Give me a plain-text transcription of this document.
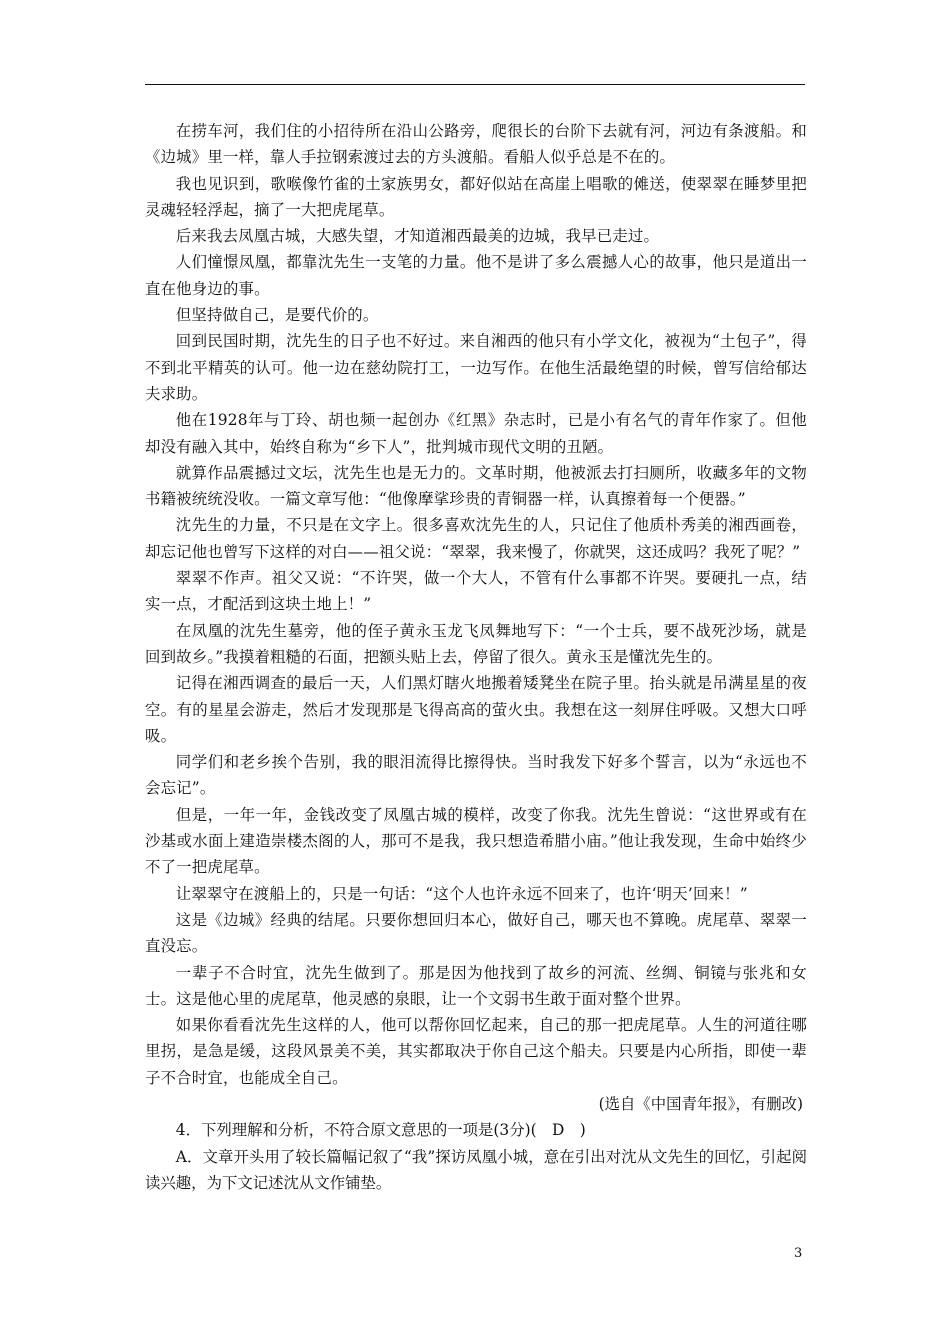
在捞车河，我们住的小招待所在沿山公路旁，爬很长的台阶下去就有河，河边有条渡船。和《边城》里一样，靠人手拉钢索渡过去的方头渡船。看船人似乎总是不在的。

我也见识到，歌喉像竹雀的土家族男女，都好似站在高崖上唱歌的傩送，使翠翠在睡梦里把灵魂轻轻浮起，摘了一大把虎尾草。

后来我去凤凰古城，大感失望，才知道湘西最美的边城，我早已走过。

人们憧憬凤凰，都靠沈先生一支笔的力量。他不是讲了多么震撼人心的故事，他只是道出一直在他身边的事。

但坚持做自己，是要代价的。

回到民国时期，沈先生的日子也不好过。来自湘西的他只有小学文化，被视为“土包子”，得不到北平精英的认可。他一边在慈幼院打工，一边写作。在他生活最绝望的时候，曾写信给郁达夫求助。

他在1928年与丁玲、胡也频一起创办《红黑》杂志时，已是小有名气的青年作家了。但他却没有融入其中，始终自称为“乡下人”，批判城市现代文明的丑陋。

就算作品震撼过文坛，沈先生也是无力的。文革时期，他被派去打扫厕所，收藏多年的文物书籍被统统没收。一篇文章写他：“他像摩挲珍贵的青铜器一样，认真擦着每一个便器。”

沈先生的力量，不只是在文字上。很多喜欢沈先生的人，只记住了他质朴秀美的湘西画卷，却忘记他也曾写下这样的对白——祖父说：“翠翠，我来慢了，你就哭，这还成吗？我死了呢？”

翠翠不作声。祖父又说：“不许哭，做一个大人，不管有什么事都不许哭。要硬扎一点，结实一点，才配活到这块土地上！”

在凤凰的沈先生墓旁，他的侄子黄永玉龙飞凤舞地写下：“一个士兵，要不战死沙场，就是回到故乡。”我摸着粗糙的石面，把额头贴上去，停留了很久。黄永玉是懂沈先生的。

记得在湘西调查的最后一天，人们黑灯瞎火地搬着矮凳坐在院子里。抬头就是吊满星星的夜空。有的星星会游走，然后才发现那是飞得高高的萤火虫。我想在这一刻屏住呼吸。又想大口呼吸。

同学们和老乡挨个告别，我的眼泪流得比擦得快。当时我发下好多个誓言，以为“永远也不会忘记”。

但是，一年一年，金钱改变了凤凰古城的模样，改变了你我。沈先生曾说：“这世界或有在沙基或水面上建造崇楼杰阁的人，那可不是我，我只想造希腊小庙。”他让我发现，生命中始终少不了一把虎尾草。

让翠翠守在渡船上的，只是一句话：“这个人也许永远不回来了，也许‘明天’回来！”

这是《边城》经典的结尾。只要你想回归本心，做好自己，哪天也不算晚。虎尾草、翠翠一直没忘。

一辈子不合时宜，沈先生做到了。那是因为他找到了故乡的河流、丝绸、铜镜与张兆和女士。这是他心里的虎尾草，他灵感的泉眼，让一个文弱书生敢于面对整个世界。

如果你看看沈先生这样的人，他可以帮你回忆起来，自己的那一把虎尾草。人生的河道往哪里拐，是急是缓，这段风景美不美，其实都取决于你自己这个船夫。只要是内心所指，即使一辈子不合时宜，也能成全自己。

(选自《中国青年报》，有删改)

4．下列理解和分析，不符合原文意思的一项是(3分)(　D　)

A．文章开头用了较长篇幅记叙了“我”探访凤凰小城，意在引出对沈从文先生的回忆，引起阅读兴趣，为下文记述沈从文作铺垫。

3
